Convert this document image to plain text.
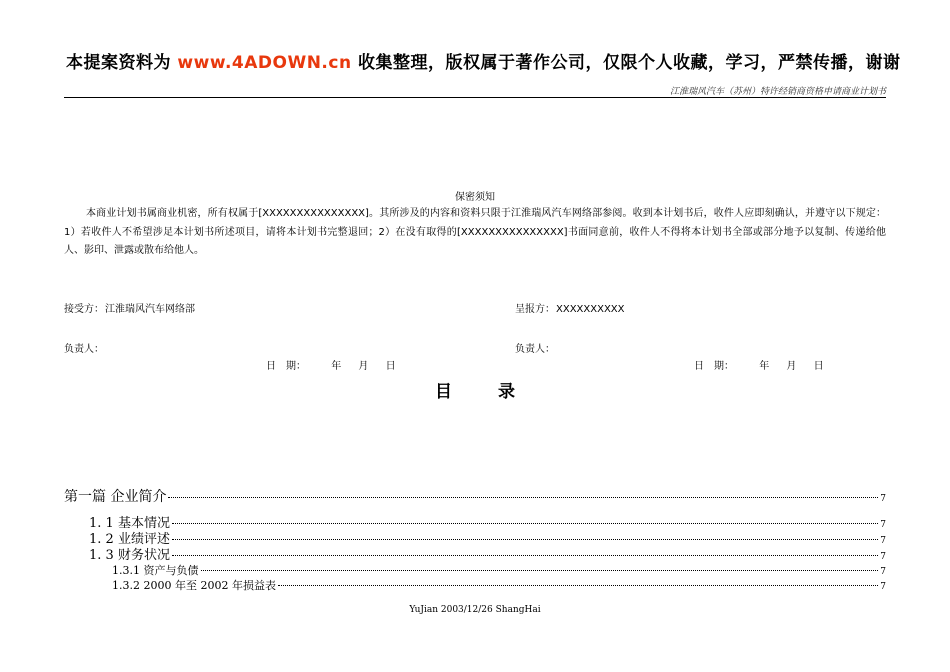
本提案资料为 www.4ADOWN.cn 收集整理，版权属于著作公司，仅限个人收藏，学习，严禁传播，谢谢
江淮瑞风汽车（苏州）特许经销商资格申请商业计划书
保密须知
本商业计划书属商业机密，所有权属于[XXXXXXXXXXXXXXX]。其所涉及的内容和资料只限于江淮瑞风汽车网络部参阅。收到本计划书后，收件人应即刻确认，并遵守以下规定：1）若收件人不希望涉足本计划书所述项目，请将本计划书完整退回；2）在没有取得的[XXXXXXXXXXXXXXX]书面同意前，收件人不得将本计划书全部或部分地予以复制、传递给他人、影印、泄露或散布给他人。
接受方：江淮瑞风汽车网络部	呈报方：XXXXXXXXXX
负责人：	负责人：
日　期：	年 月 日	日　期：	年 月 日
目	录
第一篇 企业简介	7
1. 1 基本情况	7
1. 2 业绩评述	7
1. 3 财务状况	7
1.3.1 资产与负债	7
1.3.2 2000 年至 2002 年损益表	7
YuJian 2003/12/26 ShangHai
